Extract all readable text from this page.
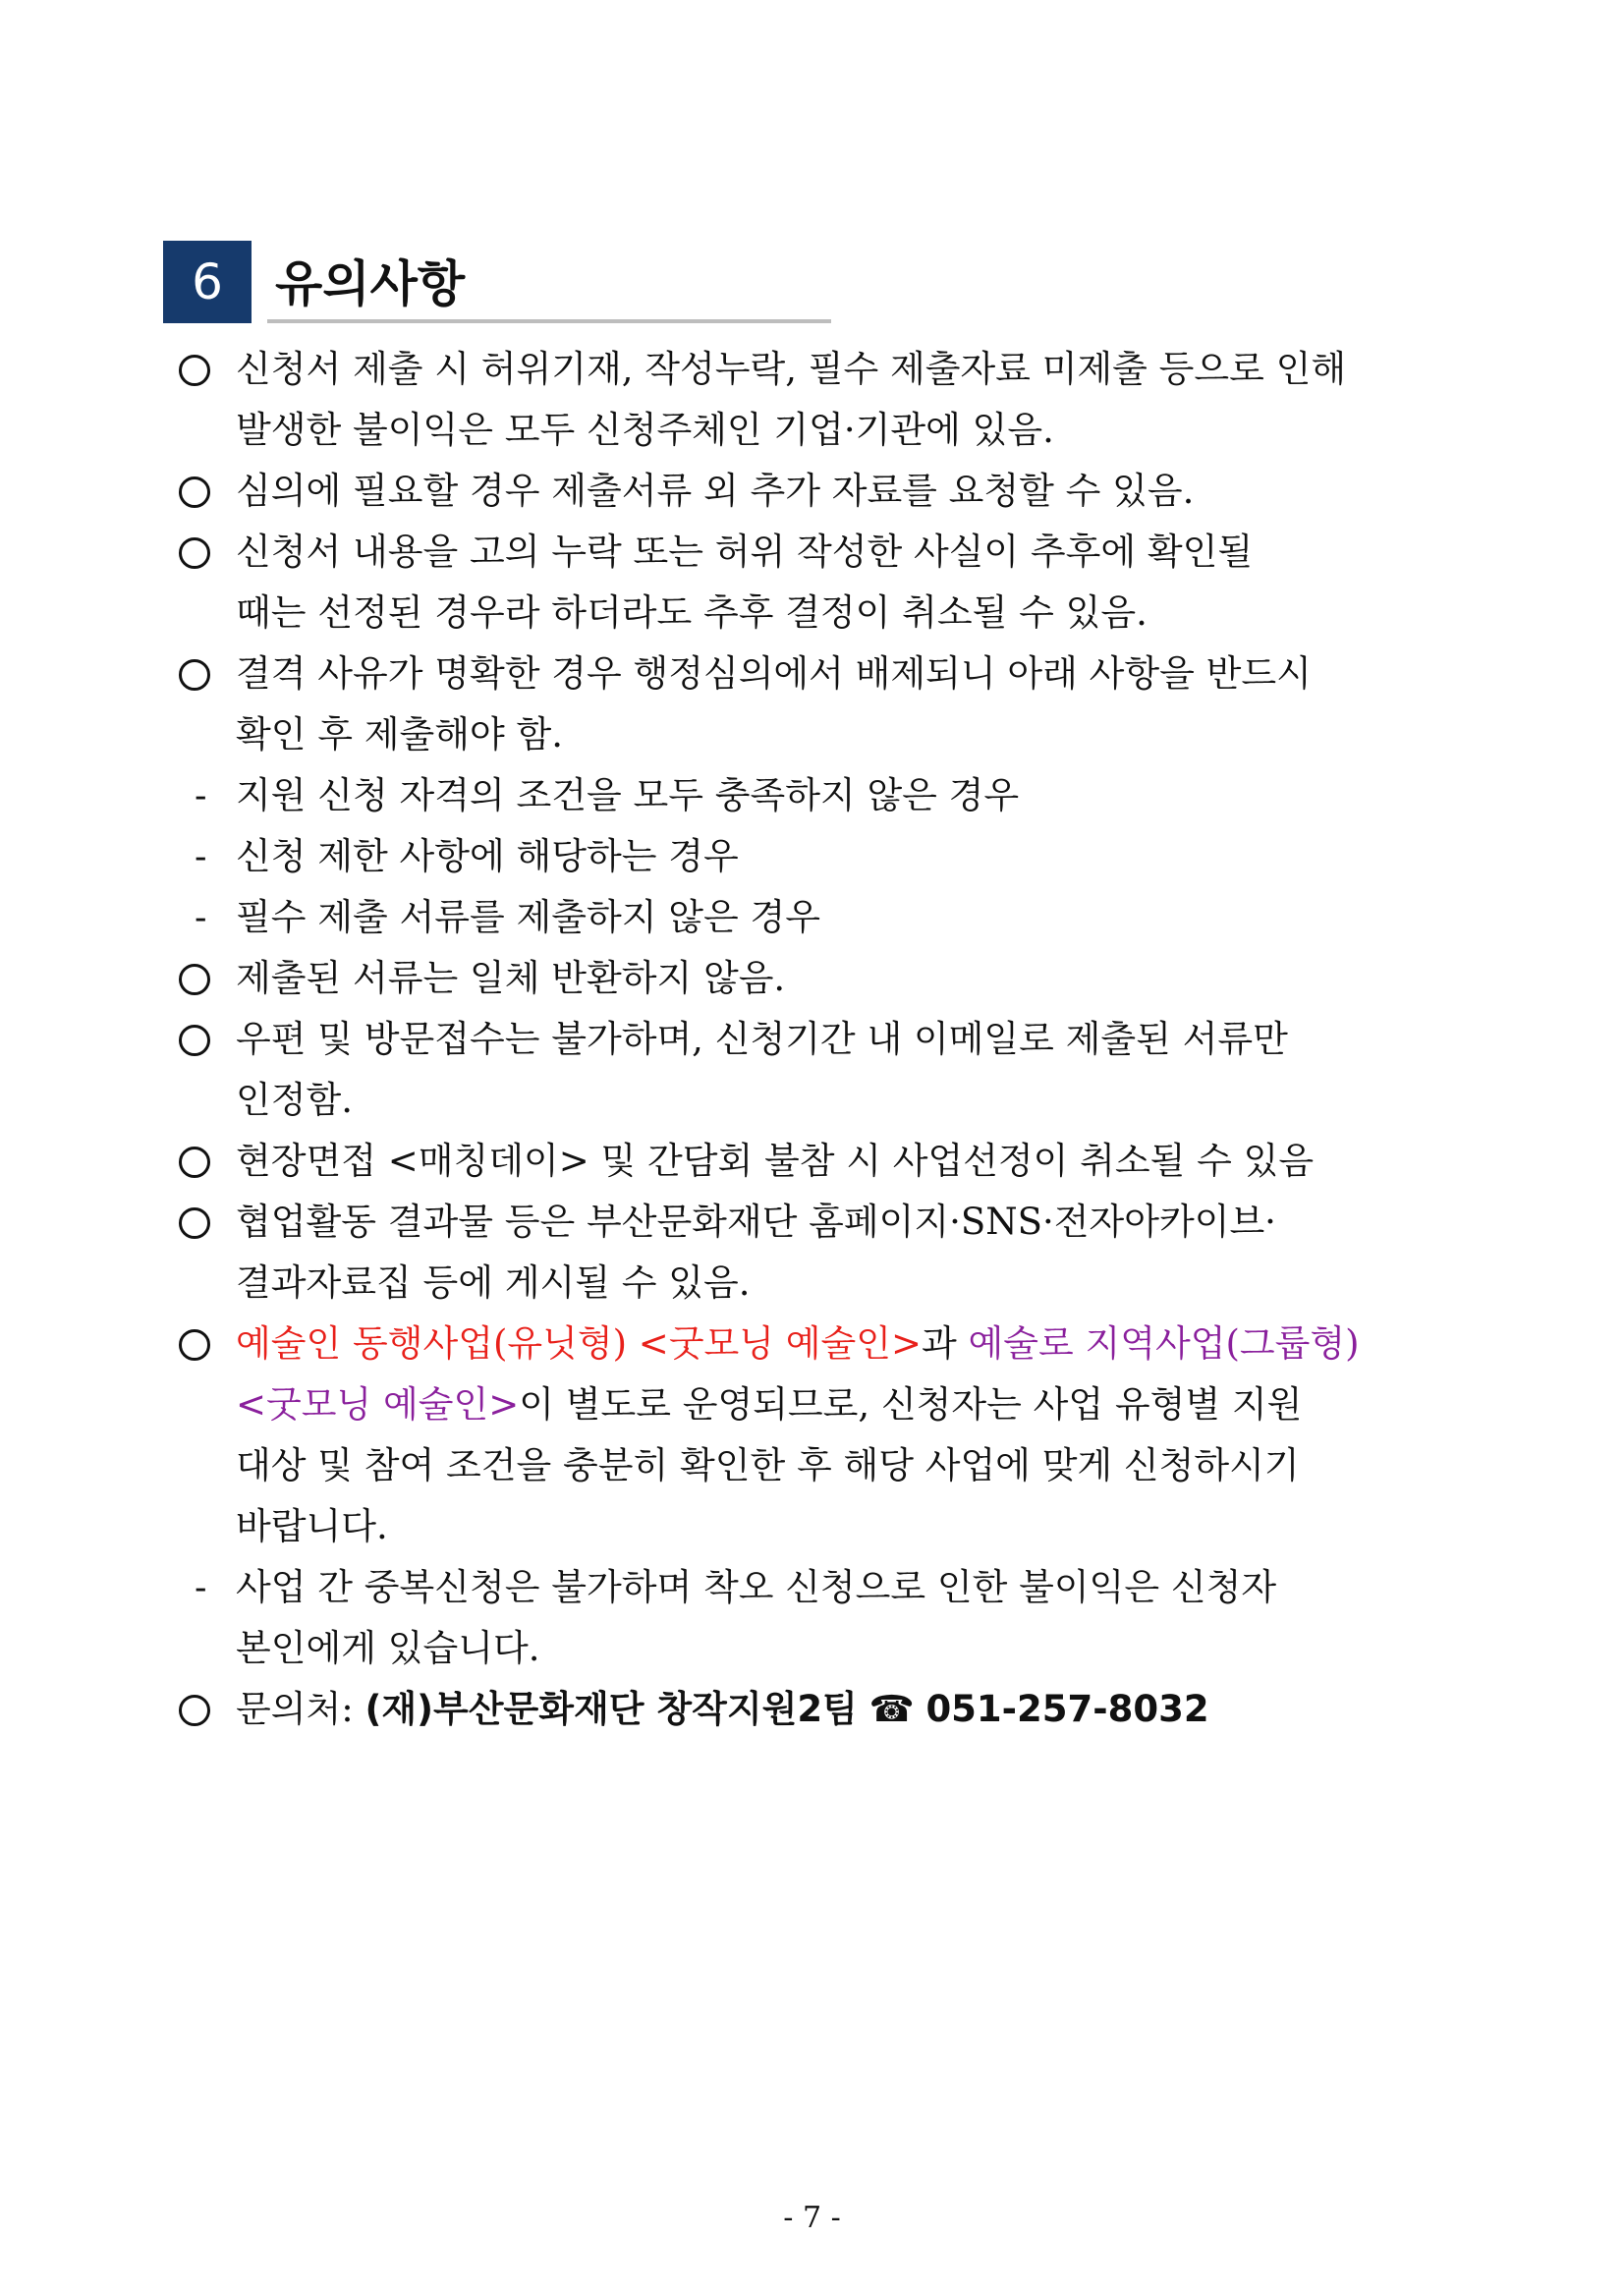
6	유의사항
신청서 제출 시 허위기재, 작성누락, 필수 제출자료 미제출 등으로 인해
발생한 불이익은 모두 신청주체인 기업·기관에 있음.
심의에 필요할 경우 제출서류 외 추가 자료를 요청할 수 있음.
신청서 내용을 고의 누락 또는 허위 작성한 사실이 추후에 확인될
때는 선정된 경우라 하더라도 추후 결정이 취소될 수 있음.
결격 사유가 명확한 경우 행정심의에서 배제되니 아래 사항을 반드시
확인 후 제출해야 함.
- 지원 신청 자격의 조건을 모두 충족하지 않은 경우
- 신청 제한 사항에 해당하는 경우
- 필수 제출 서류를 제출하지 않은 경우
제출된 서류는 일체 반환하지 않음.
우편 및 방문접수는 불가하며, 신청기간 내 이메일로 제출된 서류만
인정함.
현장면접 <매칭데이> 및 간담회 불참 시 사업선정이 취소될 수 있음
협업활동 결과물 등은 부산문화재단 홈페이지·SNS·전자아카이브·
결과자료집 등에 게시될 수 있음.
예술인 동행사업(유닛형) <굿모닝 예술인>과 예술로 지역사업(그룹형)
<굿모닝 예술인>이 별도로 운영되므로, 신청자는 사업 유형별 지원
대상 및 참여 조건을 충분히 확인한 후 해당 사업에 맞게 신청하시기
바랍니다.
- 사업 간 중복신청은 불가하며 착오 신청으로 인한 불이익은 신청자
본인에게 있습니다.
문의처: (재)부산문화재단 창작지원2팀 ☎ 051-257-8032
- 7 -
